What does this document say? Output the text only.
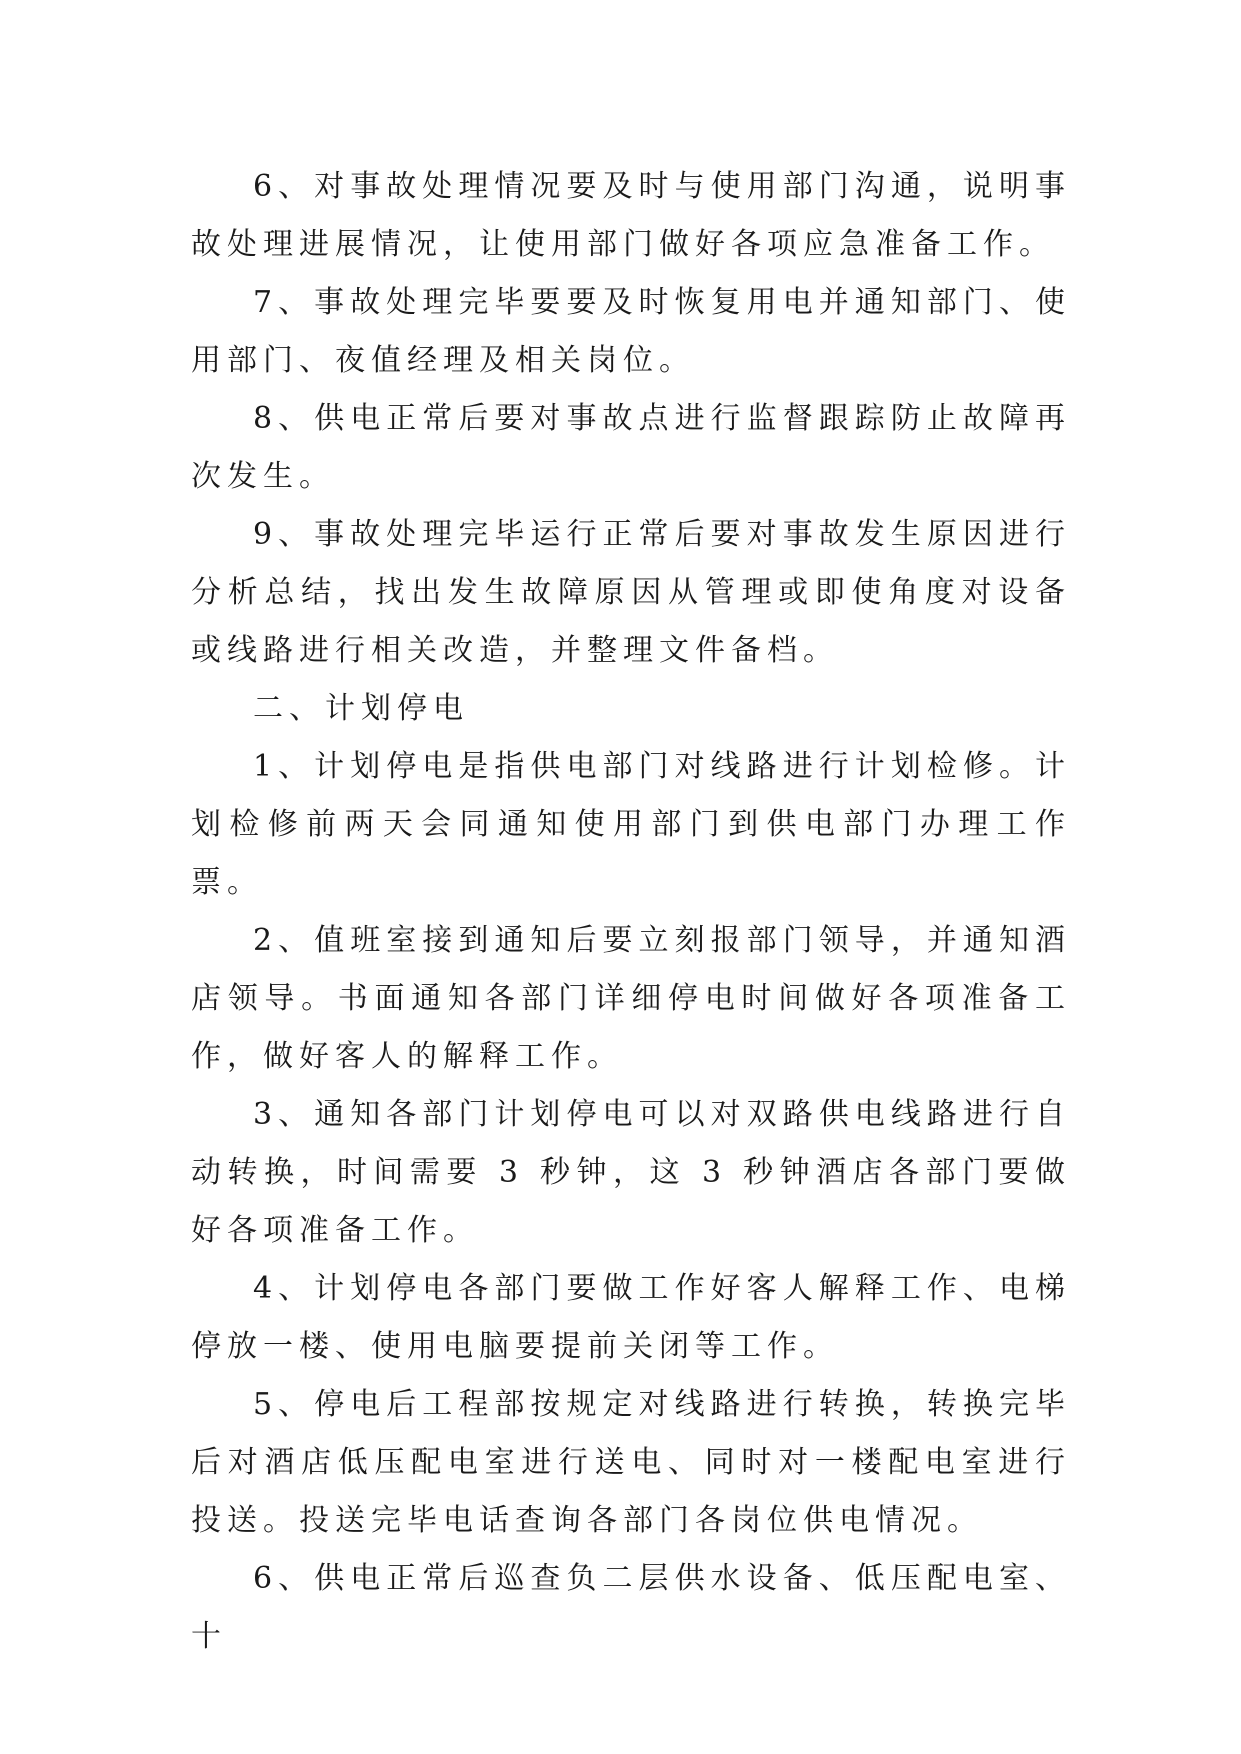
6、对事故处理情况要及时与使用部门沟通，说明事故处理进展情况，让使用部门做好各项应急准备工作。

7、事故处理完毕要要及时恢复用电并通知部门、使用部门、夜值经理及相关岗位。

8、供电正常后要对事故点进行监督跟踪防止故障再次发生。

9、事故处理完毕运行正常后要对事故发生原因进行分析总结，找出发生故障原因从管理或即使角度对设备或线路进行相关改造，并整理文件备档。

二、计划停电

1、计划停电是指供电部门对线路进行计划检修。计划检修前两天会同通知使用部门到供电部门办理工作票。

2、值班室接到通知后要立刻报部门领导，并通知酒店领导。书面通知各部门详细停电时间做好各项准备工作，做好客人的解释工作。

3、通知各部门计划停电可以对双路供电线路进行自动转换，时间需要 3 秒钟，这 3 秒钟酒店各部门要做好各项准备工作。

4、计划停电各部门要做工作好客人解释工作、电梯停放一楼、使用电脑要提前关闭等工作。

5、停电后工程部按规定对线路进行转换，转换完毕后对酒店低压配电室进行送电、同时对一楼配电室进行投送。投送完毕电话查询各部门各岗位供电情况。

6、供电正常后巡查负二层供水设备、低压配电室、十
